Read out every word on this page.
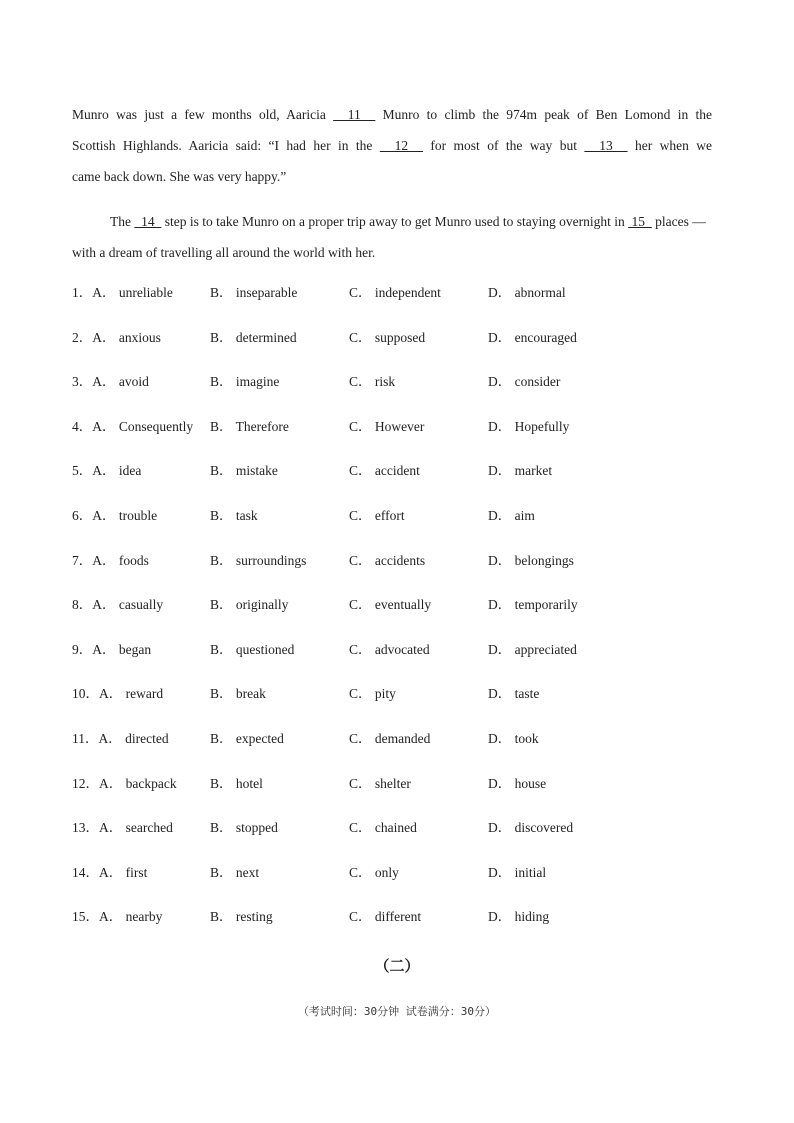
Munro was just a few months old, Aaricia   11   Munro to climb the 974m peak of Ben Lomond in the
Scottish Highlands. Aaricia said: “I had her in the   12   for most of the way but   13   her when we
came back down. She was very happy.”
The   14   step is to take Munro on a proper trip away to get Munro used to staying overnight in  15   places — with a dream of travelling all around the world with her.
1．A． unreliable	B． inseparable	C． independent	D． abnormal
2．A． anxious	B． determined	C． supposed	D． encouraged
3．A． avoid	B． imagine	C． risk	D． consider
4．A． Consequently B． Therefore	C． However	D． Hopefully
5．A． idea	B． mistake	C． accident	D． market
6．A． trouble	B． task	C． effort	D． aim
7．A． foods	B． surroundings	C． accidents	D． belongings
8．A． casually	B． originally	C． eventually	D． temporarily
9．A． began	B． questioned	C． advocated	D． appreciated
10．A． reward	B． break	C． pity	D． taste
11．A． directed	B． expected	C． demanded	D． took
12．A． backpack B． hotel	C． shelter	D． house
13．A． searched	B． stopped	C． chained	D． discovered
14．A． first	B． next	C． only	D． initial
15．A． nearby	B． resting	C． different	D． hiding
（二）
（考试时间：30分钟 试卷满分：30分）
